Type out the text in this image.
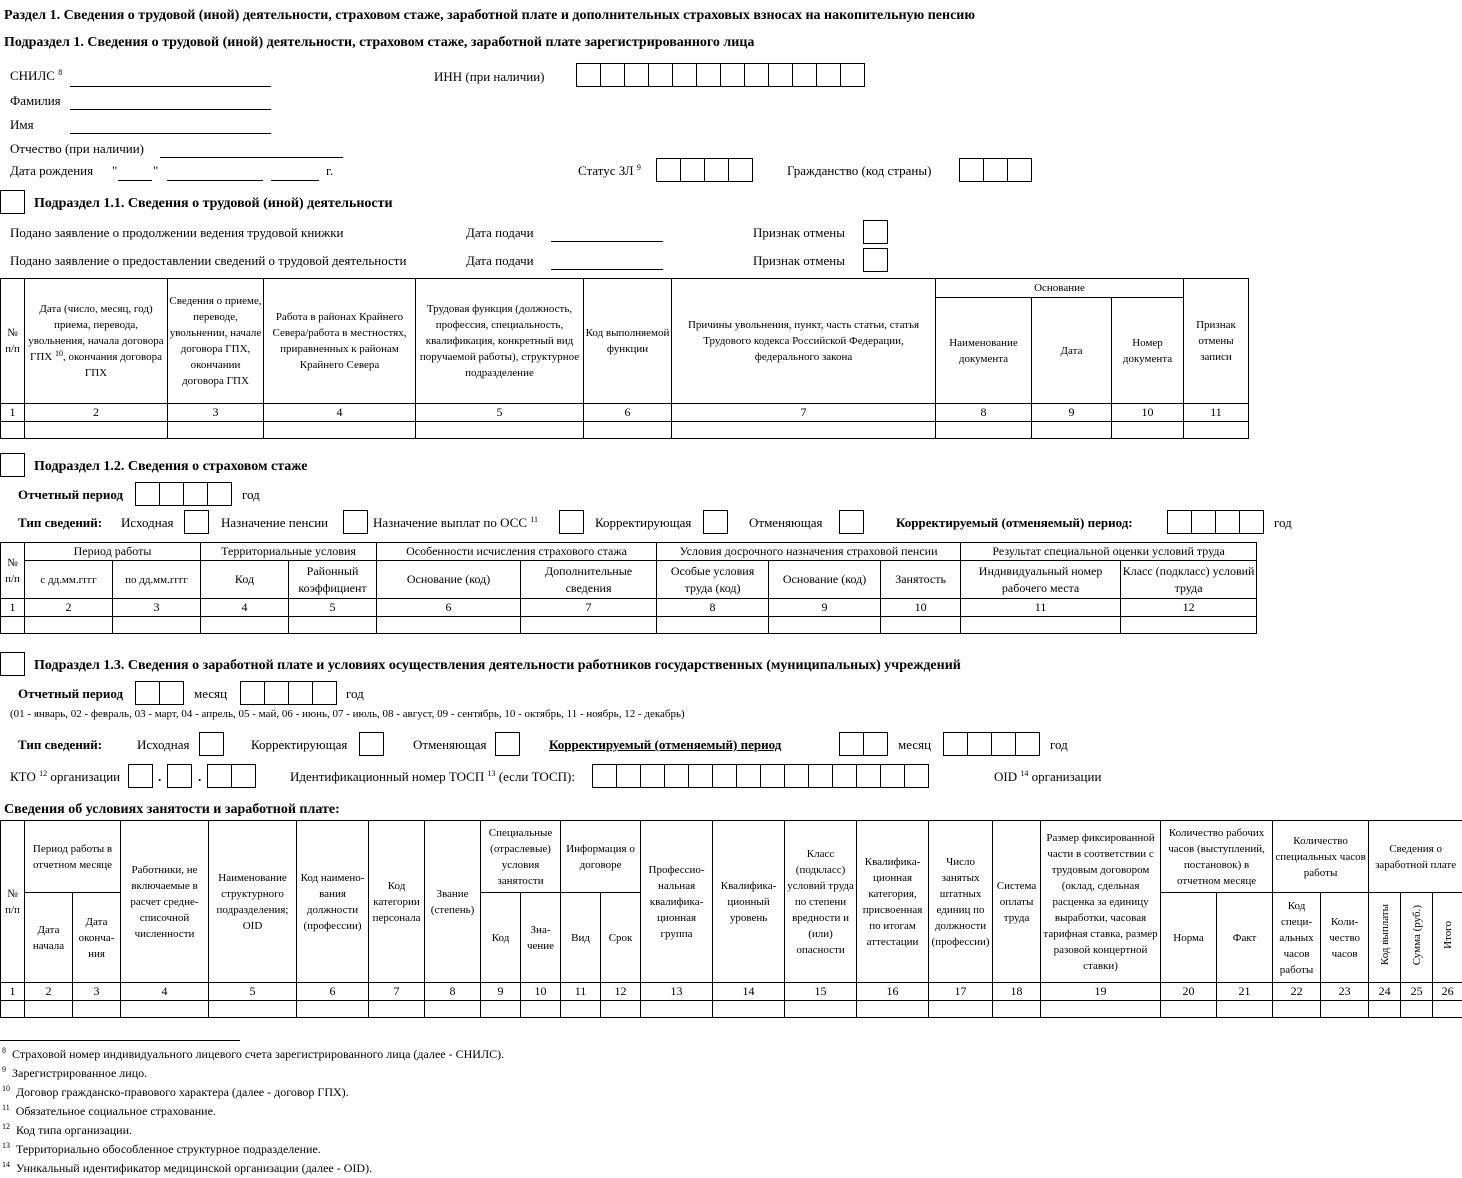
Раздел 1. Сведения о трудовой (иной) деятельности, страховом стаже, заработной плате и дополнительных страховых взносах на накопительную пенсию
Подраздел 1. Сведения о трудовой (иной) деятельности, страховом стаже, заработной плате зарегистрированного лица
СНИЛС $^8$	ИНН (при наличии)
Фамилия
Имя
Отчество (при наличии)
Дата рождения "	"	г.	Статус ЗЛ $^9$	Гражданство (код страны)
Подраздел 1.1. Сведения о трудовой (иной) деятельности
Подано заявление о продолжении ведения трудовой книжки	Дата подачи	Признак отмены
Подано заявление о предоставлении сведений о трудовой деятельности	Дата подачи	Признак отмены
№ п/п	Дата (число, месяц, год) приема, перевода, увольнения, начала договора ГПХ $^{10}$, окончания договора ГПХ	Сведения о приеме, переводе, увольнении, начале договора ГПХ, окончании договора ГПХ	Работа в районах Крайнего Севера/работа в местностях, приравненных к районам Крайнего Севера	Трудовая функция (должность, профессия, специальность, квалификация, конкретный вид поручаемой работы), структурное подразделение	Код выполняемой функции	Причины увольнения, пункт, часть статьи, статья Трудового кодекса Российской Федерации, федерального закона	Основание			Признак отмены записи
							Наименование документа	Дата	Номер документа	
1	2	3	4	5	6	7	8	9	10	11

Подраздел 1.2. Сведения о страховом стаже
Отчетный период	год
Тип сведений: Исходная	Назначение пенсии	Назначение выплат по ОСС $^{11}$	Корректирующая	Отменяющая	Корректируемый (отменяемый) период:	год
№ п/п	Период работы		Территориальные условия		Особенности исчисления страхового стажа		Условия досрочного назначения страховой пенсии			Результат специальной оценки условий труда	
	с дд.мм.гггг	по дд.мм.гггг	Код	Районный коэффициент	Основание (код)	Дополнительные сведения	Особые условия труда (код)	Основание (код)	Занятость	Индивидуальный номер рабочего места	Класс (подкласс) условий труда
1	2	3	4	5	6	7	8	9	10	11	12

Подраздел 1.3. Сведения о заработной плате и условиях осуществления деятельности работников государственных (муниципальных) учреждений
Отчетный период	месяц	год
(01 - январь, 02 - февраль, 03 - март, 04 - апрель, 05 - май, 06 - июнь, 07 - июль, 08 - август, 09 - сентябрь, 10 - октябрь, 11 - ноябрь, 12 - декабрь)
Тип сведений:	Исходная	Корректирующая	Отменяющая	Корректируемый (отменяемый) период	месяц	год
КТО $^{12}$ организации	.	.	Идентификационный номер ТОСП $^{13}$ (если ТОСП):	OID $^{14}$ организации
Сведения об условиях занятости и заработной плате:
№ п/п	Период работы в отчетном месяце		Работники, не включаемые в расчет средне-списочной численности	Наименование структурного подразделения; OID	Код наимено-вания должности (профессии)	Код категории персонала	Звание (степень)	Специальные (отраслевые) условия занятости		Информация о договоре		Профессио-нальная квалифика-ционная группа	Квалифика-ционный уровень	Класс (подкласс) условий труда по степени вредности и (или) опасности	Квалифика-ционная категория, присвоенная по итогам аттестации	Число занятых штатных единиц по должности (профессии)	Система оплаты труда	Размер фиксированной части в соответствии с трудовым договором (оклад, сдельная расценка за единицу выработки, часовая тарифная ставка, размер разовой концертной ставки)	Количество рабочих часов (выступлений, постановок) в отчетном месяце		Количество специальных часов работы		Сведения о заработной плате		
	Дата начала	Дата оконча-ния						Код	Зна-чение	Вид	Срок								Норма	Факт	Код специ-альных часов работы	Коли-чество часов	Код выплаты	Сумма (руб.)	Итого
1	2	3	4	5	6	7	8	9	10	11	12	13	14	15	16	17	18	19	20	21	22	23	24	25	26

$^8$ Страховой номер индивидуального лицевого счета зарегистрированного лица (далее - СНИЛС).
$^9$ Зарегистрированное лицо.
$^{10}$ Договор гражданско-правового характера (далее - договор ГПХ).
$^{11}$ Обязательное социальное страхование.
$^{12}$ Код типа организации.
$^{13}$ Территориально обособленное структурное подразделение.
$^{14}$ Уникальный идентификатор медицинской организации (далее - OID).
